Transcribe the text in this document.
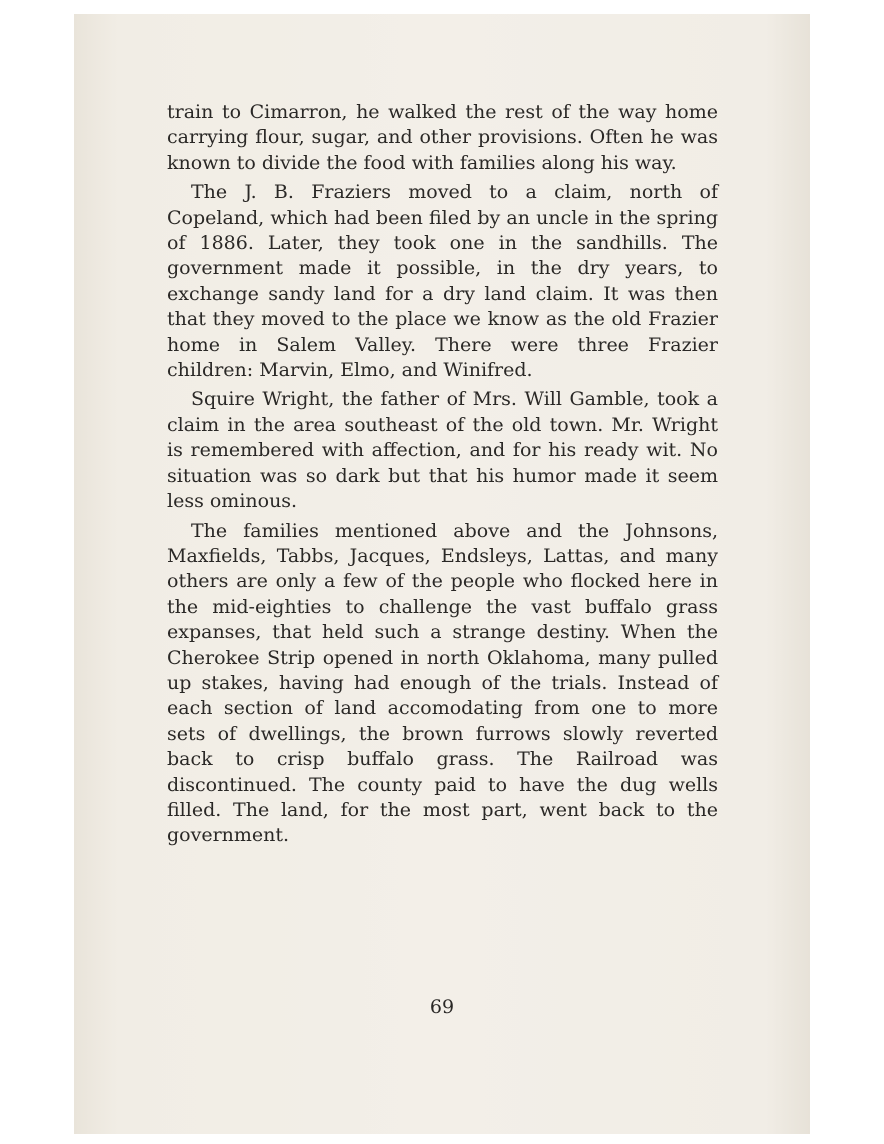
train to Cimarron, he walked the rest of the way home carrying flour, sugar, and other provisions. Often he was known to divide the food with families along his way.

The J. B. Fraziers moved to a claim, north of Copeland, which had been filed by an uncle in the spring of 1886. Later, they took one in the sandhills. The government made it possible, in the dry years, to exchange sandy land for a dry land claim. It was then that they moved to the place we know as the old Frazier home in Salem Valley. There were three Frazier children: Marvin, Elmo, and Winifred.

Squire Wright, the father of Mrs. Will Gamble, took a claim in the area southeast of the old town. Mr. Wright is remembered with affection, and for his ready wit. No situation was so dark but that his humor made it seem less ominous.

The families mentioned above and the Johnsons, Maxfields, Tabbs, Jacques, Endsleys, Lattas, and many others are only a few of the people who flocked here in the mid-eighties to challenge the vast buffalo grass expanses, that held such a strange destiny. When the Cherokee Strip opened in north Oklahoma, many pulled up stakes, having had enough of the trials. Instead of each section of land accomodating from one to more sets of dwellings, the brown furrows slowly reverted back to crisp buffalo grass. The Railroad was discontinued. The county paid to have the dug wells filled. The land, for the most part, went back to the government.

69
